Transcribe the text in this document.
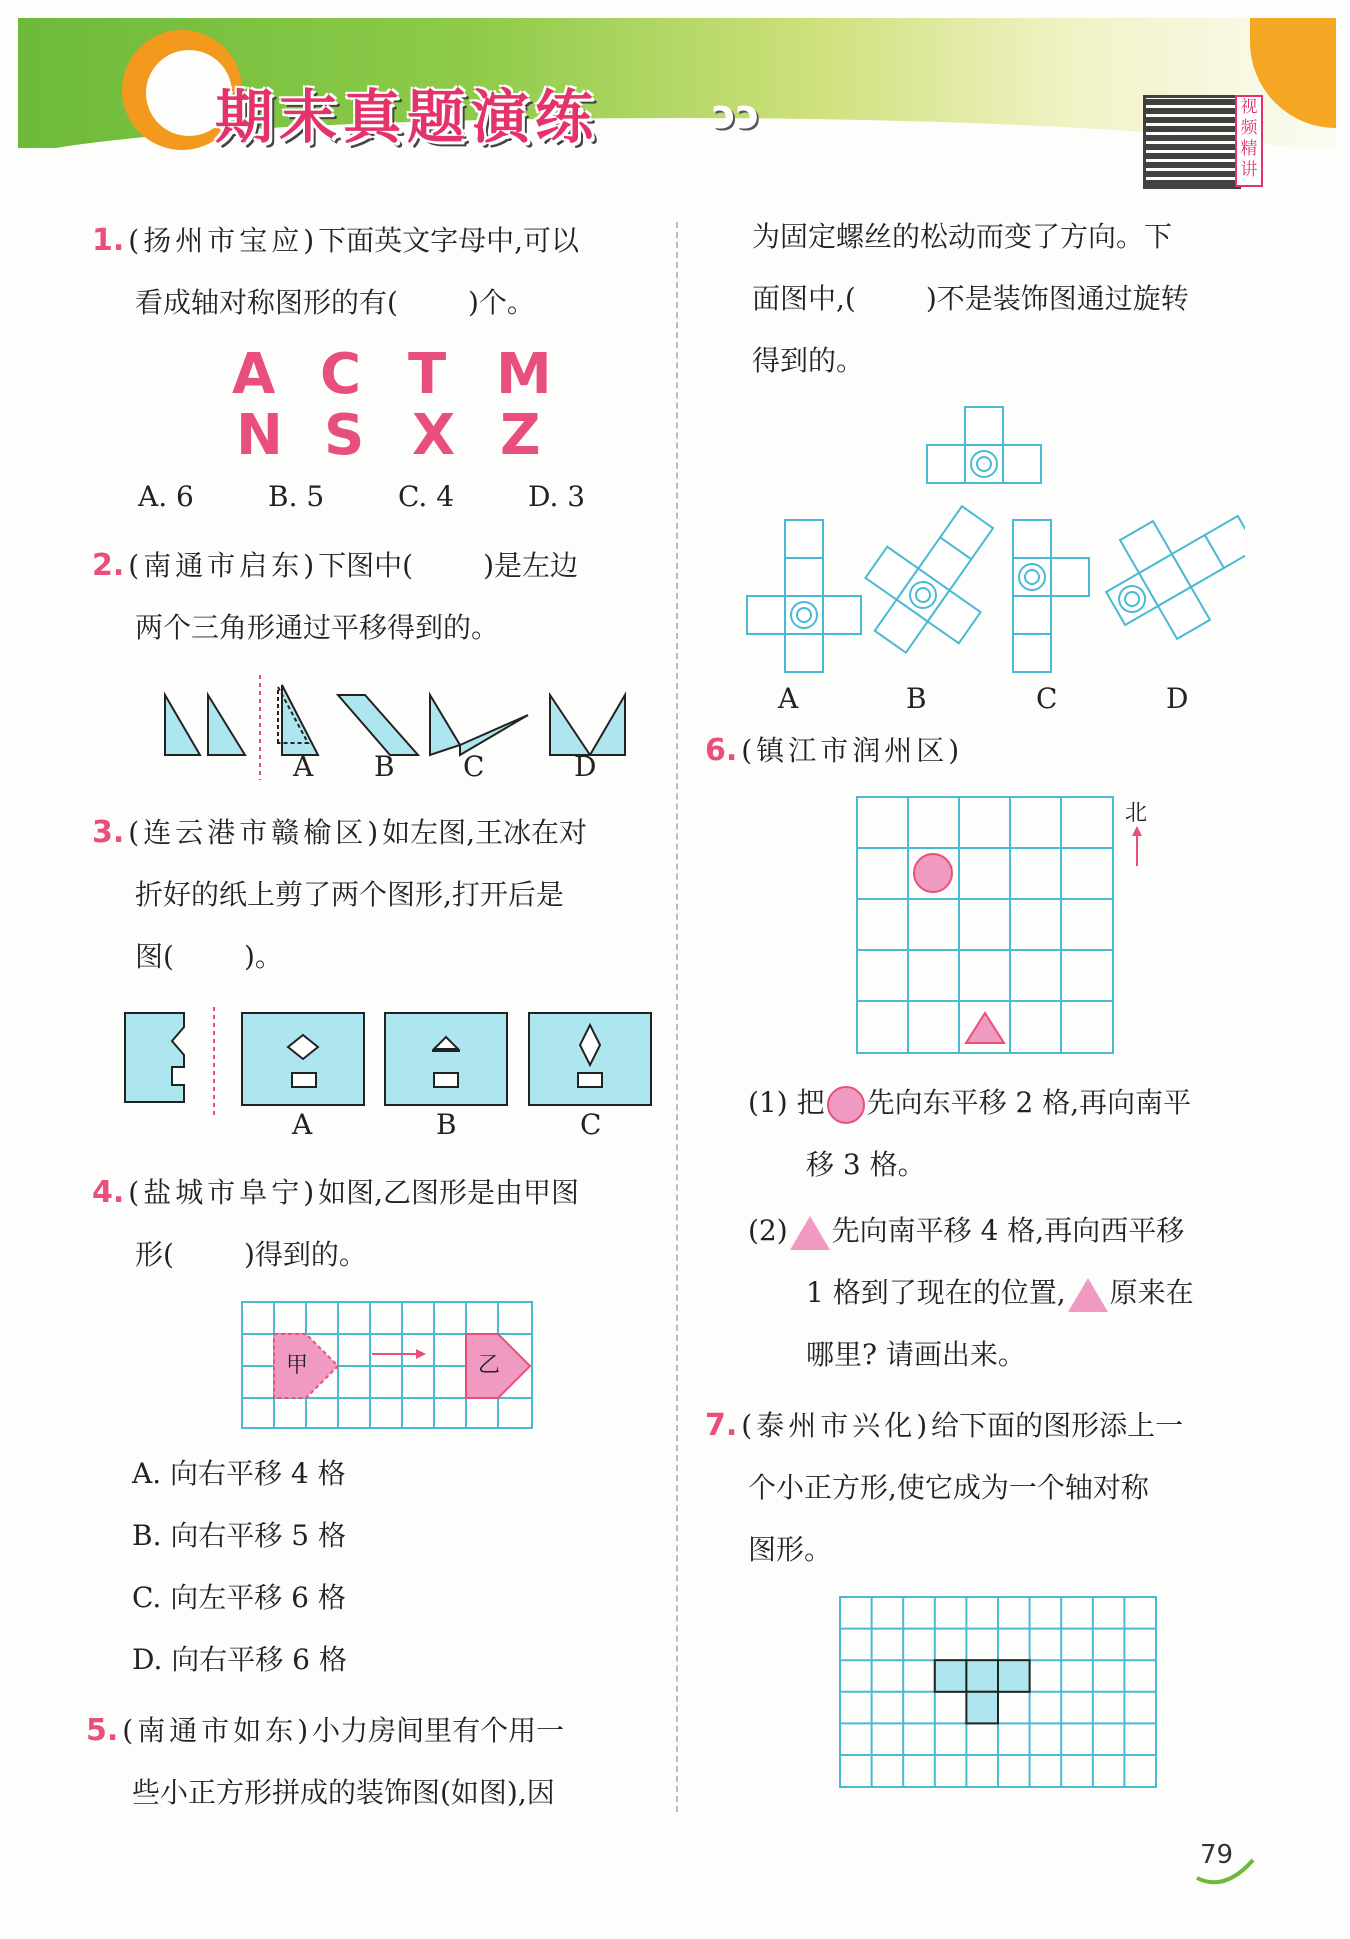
期末真题演练	ↄↄ	视频精讲
1. (扬州市宝应)下面英文字母中,可以
看成轴对称图形的有(	)个。
A C T M
N S X Z
A. 6	B. 5	C. 4	D. 3
2. (南通市启东)下图中(	)是左边
两个三角形通过平移得到的。
A B C	D
3. (连云港市赣榆区)如左图,王冰在对
折好的纸上剪了两个图形,打开后是
图(	)。
A	B	C
4. (盐城市阜宁)如图,乙图形是由甲图
形(	)得到的。
甲	乙
A. 向右平移 4 格
B. 向右平移 5 格
C. 向左平移 6 格
D. 向右平移 6 格
5. (南通市如东)小力房间里有个用一
些小正方形拼成的装饰图(如图),因
为固定螺丝的松动而变了方向。下
面图中,(	)不是装饰图通过旋转
得到的。
A	B	C	D
6. (镇江市润州区)
北
(1) 把 先向东平移 2 格,再向南平
移 3 格。
(2) 先向南平移 4 格,再向西平移
1 格到了现在的位置, 原来在
哪里? 请画出来。
7. (泰州市兴化)给下面的图形添上一
个小正方形,使它成为一个轴对称
图形。
79
